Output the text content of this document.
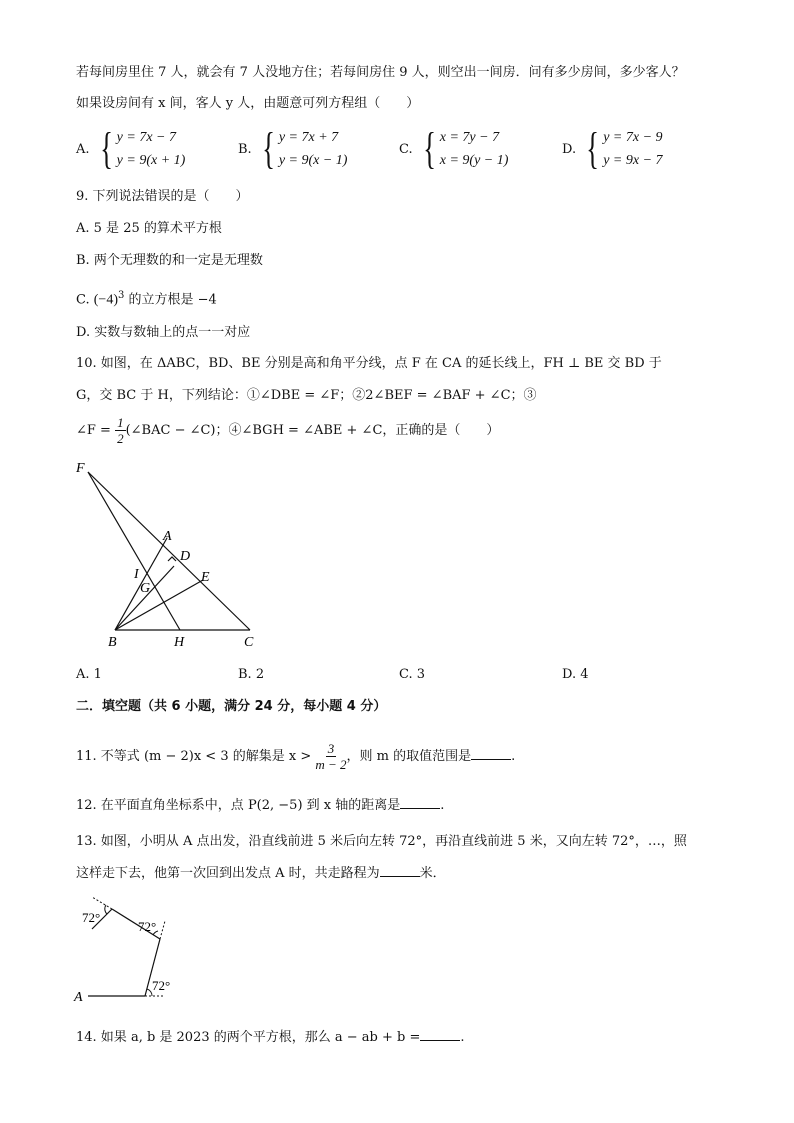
若每间房里住 7 人，就会有 7 人没地方住；若每间房住 9 人，则空出一间房．问有多少房间，多少客人？
如果设房间有 x 间，客人 y 人，由题意可列方程组（　　）
A. { y = 7x − 7
y = 9(x + 1)
B. { y = 7x + 7
y = 9(x − 1)
C. { x = 7y − 7
x = 9(y − 1)
D. { y = 7x − 9
y = 9x − 7
9. 下列说法错误的是（　　）
A. 5 是 25 的算术平方根
B. 两个无理数的和一定是无理数
C. $(-4)^3$ 的立方根是 −4
D. 实数与数轴上的点一一对应
10. 如图，在 ΔABC，BD、BE 分别是高和角平分线，点 F 在 CA 的延长线上，FH ⊥ BE 交 BD 于
G，交 BC 于 H，下列结论：①∠DBE = ∠F；②2∠BEF = ∠BAF + ∠C；③
∠F = $\frac{1}{2}$ (∠BAC − ∠C)；④∠BGH = ∠ABE + ∠C，正确的是（　　）
F
A
D
I
G
E
B	H	C
A. 1	B. 2	C. 3	D. 4
二．填空题（共 6 小题，满分 24 分，每小题 4 分）
11. 不等式 (m − 2)x < 3 的解集是 $x > \frac{3}{m - 2}$ ，则 m 的取值范围是	.
12. 在平面直角坐标系中，点 P(2, −5) 到 x 轴的距离是	.
13. 如图，小明从 A 点出发，沿直线前进 5 米后向左转 72°，再沿直线前进 5 米，又向左转 72°，…，照
这样走下去，他第一次回到出发点 A 时，共走路程为	米．
72°
72°
72°
A
14. 如果 a, b 是 2023 的两个平方根，那么 a − ab + b =	.
